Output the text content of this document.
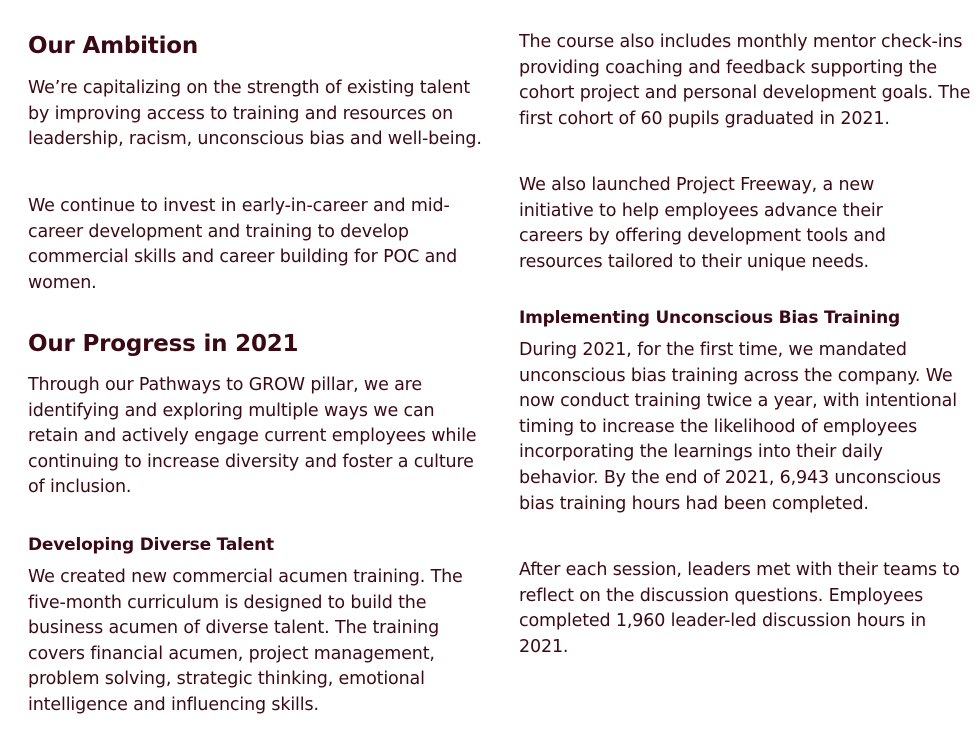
Our Ambition

We’re capitalizing on the strength of existing talent by improving access to training and resources on leadership, racism, unconscious bias and well-being.

We continue to invest in early-in-career and mid-career development and training to develop commercial skills and career building for POC and women.

Our Progress in 2021

Through our Pathways to GROW pillar, we are identifying and exploring multiple ways we can retain and actively engage current employees while continuing to increase diversity and foster a culture of inclusion.

Developing Diverse Talent

We created new commercial acumen training. The five-month curriculum is designed to build the business acumen of diverse talent. The training covers financial acumen, project management, problem solving, strategic thinking, emotional intelligence and influencing skills.

The course also includes monthly mentor check-ins providing coaching and feedback supporting the cohort project and personal development goals. The first cohort of 60 pupils graduated in 2021.

We also launched Project Freeway, a new initiative to help employees advance their careers by offering development tools and resources tailored to their unique needs.

Implementing Unconscious Bias Training

During 2021, for the first time, we mandated unconscious bias training across the company. We now conduct training twice a year, with intentional timing to increase the likelihood of employees incorporating the learnings into their daily behavior. By the end of 2021, 6,943 unconscious bias training hours had been completed.

After each session, leaders met with their teams to reflect on the discussion questions. Employees completed 1,960 leader-led discussion hours in 2021.
